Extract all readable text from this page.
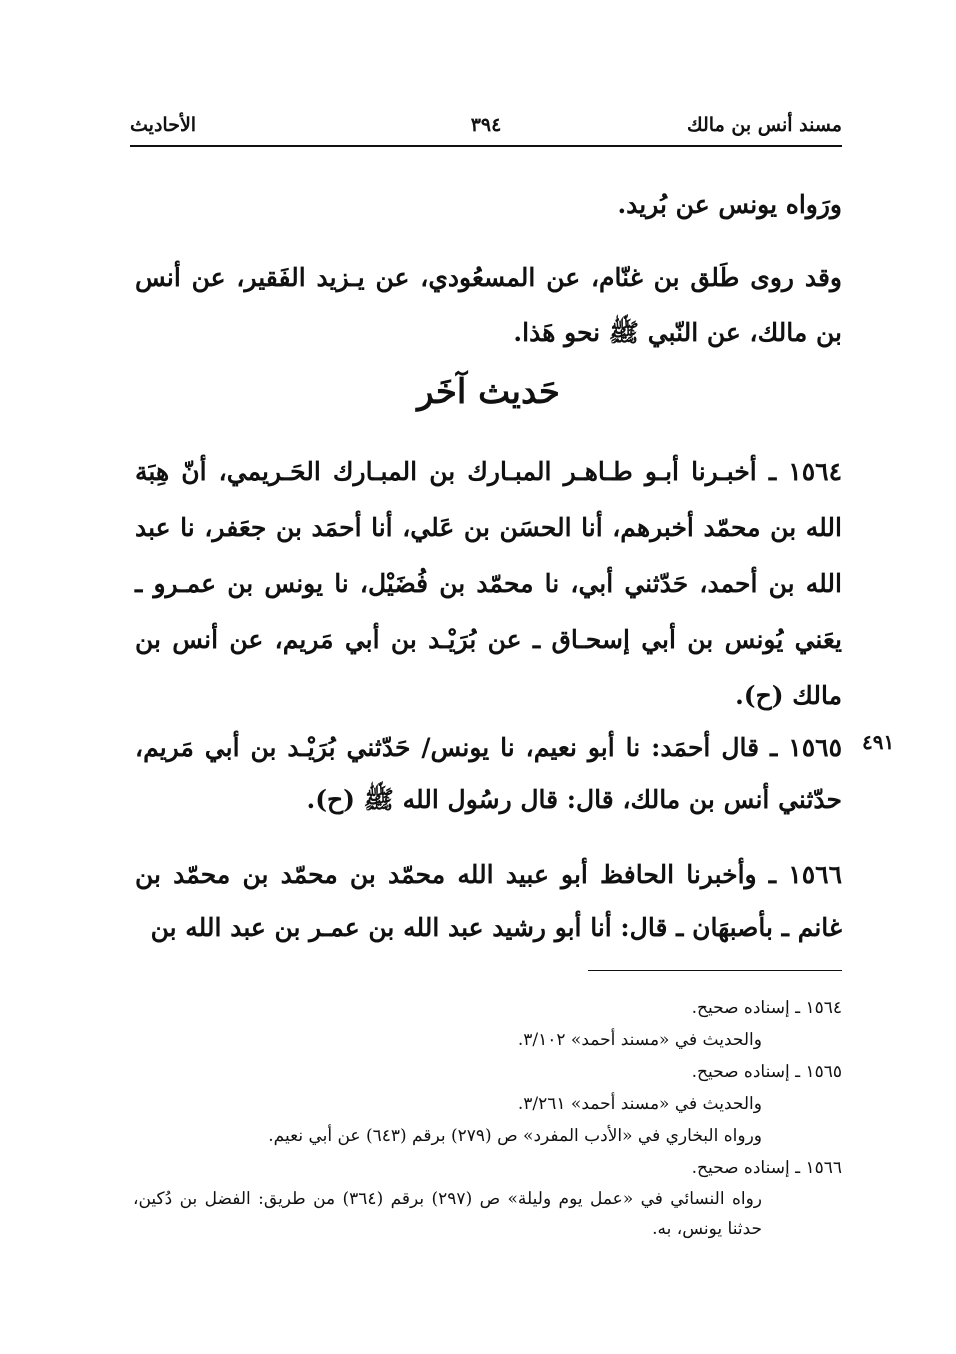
مسند أنس بن مالك
٣٩٤
الأحاديث
ورَواه يونس عن بُريد.
وقد روى طَلق بن غنّام، عن المسعُودي، عن يـزيد الفَقير، عن أنس بن مالك، عن النّبي ﷺ نحو هَذا.
حَديث آخَر
١٥٦٤ ـ أخبـرنا أبـو طـاهـر المبـارك بن المبـارك الحَـريمي، أنّ هِبَة الله بن محمّد أخبرهم، أنا الحسَن بن عَلي، أنا أحمَد بن جعَفر، نا عبد الله بن أحمد، حَدّثني أبي، نا محمّد بن فُضَيْل، نا يونس بن عمـرو ـ يعَني يُونس بن أبي إسحـاق ـ عن بُرَيْـد بن أبي مَريم، عن أنس بن مالك (ح).
٤٩١
١٥٦٥ ـ قال أحمَد: نا أبو نعيم، نا يونس/ حَدّثني بُرَيْـد بن أبي مَريم، حدّثني أنس بن مالك، قال: قال رسُول الله ﷺ (ح).
١٥٦٦ ـ وأخبرنا الحافظ أبو عبيد الله محمّد بن محمّد بن محمّد بن غانم ـ بأصبهَان ـ قال: أنا أبو رشيد عبد الله بن عمـر بن عبد الله بن

١٥٦٤ ـ إسناده صحيح.

والحديث في «مسند أحمد» ٣/١٠٢.

١٥٦٥ ـ إسناده صحيح.

والحديث في «مسند أحمد» ٣/٢٦١.

ورواه البخاري في «الأدب المفرد» ص (٢٧٩) برقم (٦٤٣) عن أبي نعيم.

١٥٦٦ ـ إسناده صحيح.

رواه النسائي في «عمل يوم وليلة» ص (٢٩٧) برقم (٣٦٤) من طريق: الفضل بن دُكين، حدثنا يونس، به.
